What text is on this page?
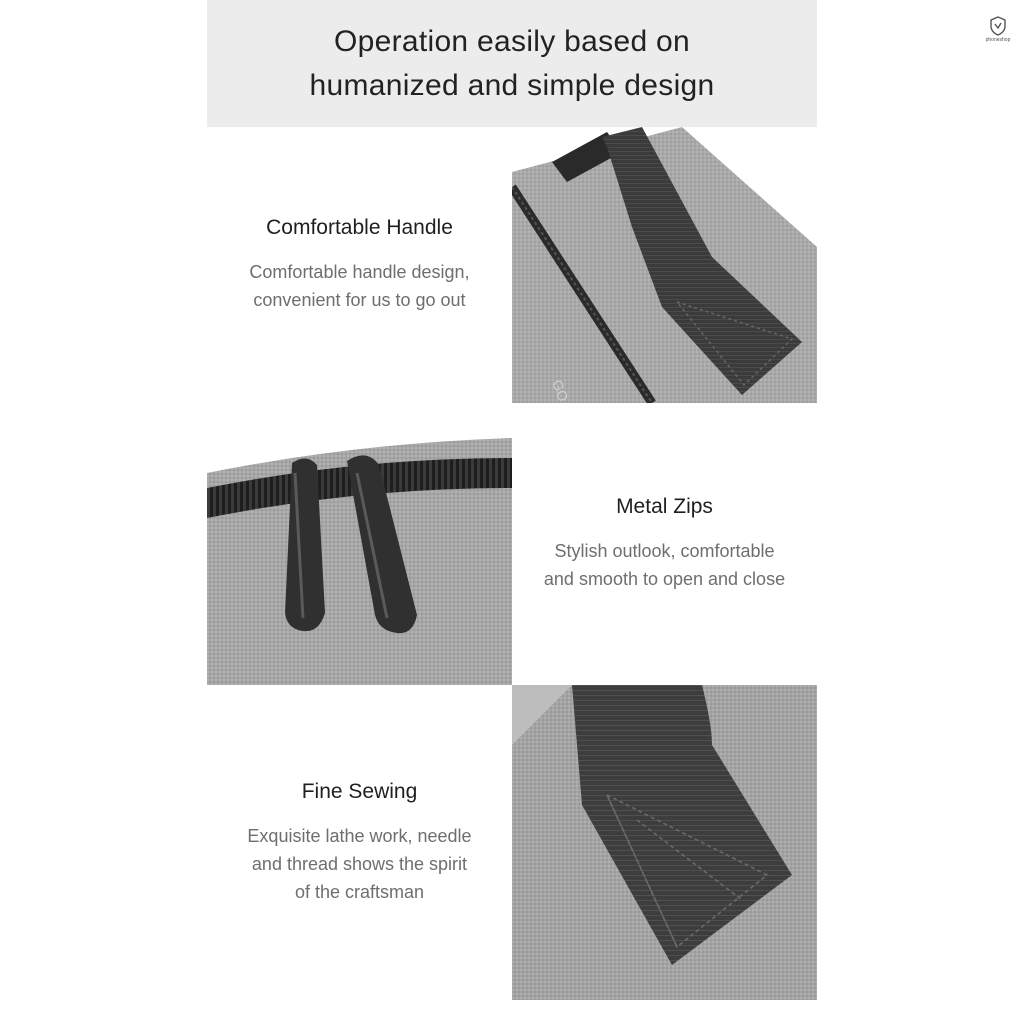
Operation easily based on
humanized and simple design
Comfortable Handle
Comfortable handle design,
convenient for us to go out
GO
Metal Zips
Stylish outlook, comfortable
and smooth to open and close
Fine Sewing
Exquisite lathe work, needle
and thread shows the spirit
of the craftsman
phoneshop
